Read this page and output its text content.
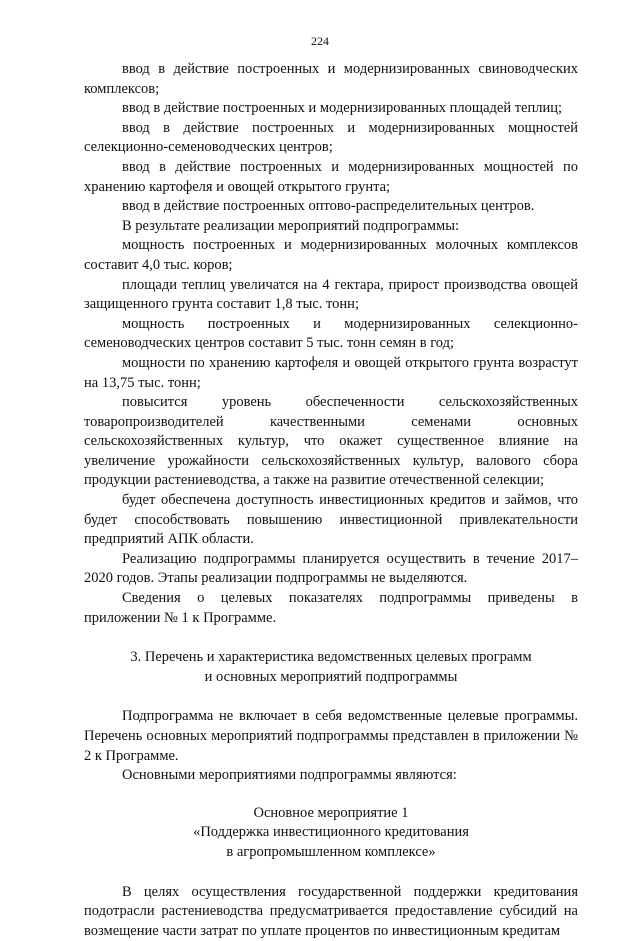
224

ввод в действие построенных и модернизированных свиноводческих комплексов;

ввод в действие построенных и модернизированных площадей теплиц;

ввод в действие построенных и модернизированных мощностей селекционно-семеноводческих центров;

ввод в действие построенных и модернизированных мощностей по хранению картофеля и овощей открытого грунта;

ввод в действие построенных оптово-распределительных центров.

В результате реализации мероприятий подпрограммы:

мощность построенных и модернизированных молочных комплексов составит 4,0 тыс. коров;

площади теплиц увеличатся на 4 гектара, прирост производства овощей защищенного грунта составит 1,8 тыс. тонн;

мощность построенных и модернизированных селекционно-семеноводческих центров составит 5 тыс. тонн семян в год;

мощности по хранению картофеля и овощей открытого грунта возрастут на 13,75 тыс. тонн;

повысится уровень обеспеченности сельскохозяйственных товаропроизводителей качественными семенами основных сельскохозяйственных культур, что окажет существенное влияние на увеличение урожайности сельскохозяйственных культур, валового сбора продукции растениеводства, а также на развитие отечественной селекции;

будет обеспечена доступность инвестиционных кредитов и займов, что будет способствовать повышению инвестиционной привлекательности предприятий АПК области.

Реализацию подпрограммы планируется осуществить в течение 2017–2020 годов. Этапы реализации подпрограммы не выделяются.

Сведения о целевых показателях подпрограммы приведены в приложении № 1 к Программе.

3. Перечень и характеристика ведомственных целевых программ

и основных мероприятий подпрограммы

Подпрограмма не включает в себя ведомственные целевые программы. Перечень основных мероприятий подпрограммы представлен в приложении № 2 к Программе.

Основными мероприятиями подпрограммы являются:

Основное мероприятие 1

«Поддержка инвестиционного кредитования

в агропромышленном комплексе»

В целях осуществления государственной поддержки кредитования подотрасли растениеводства предусматривается предоставление субсидий на возмещение части затрат по уплате процентов по инвестиционным кредитам
